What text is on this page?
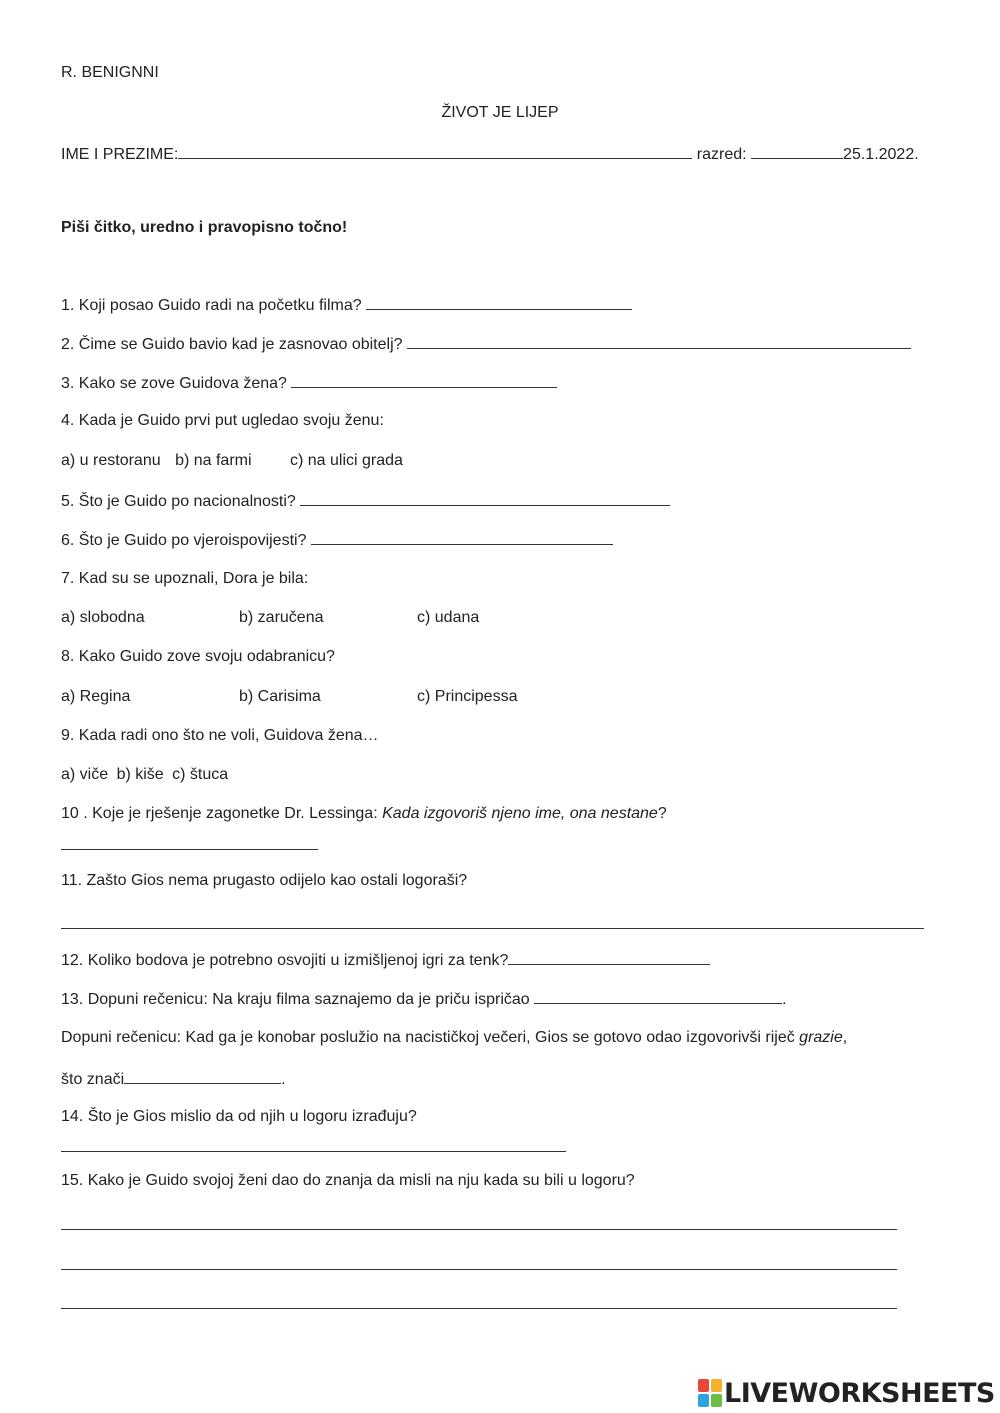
R. BENIGNNI
ŽIVOT JE LIJEP
IME I PREZIME:	razred:	25.1.2022.
Piši čitko, uredno i pravopisno točno!
1. Koji posao Guido radi na početku filma?
2. Čime se Guido bavio kad je zasnovao obitelj?
3. Kako se zove Guidova žena?
4. Kada je Guido prvi put ugledao svoju ženu:
a) u restoranu b) na farmi c) na ulici grada
5. Što je Guido po nacionalnosti?
6. Što je Guido po vjeroispovijesti?
7. Kad su se upoznali, Dora je bila:
a) slobodna	b) zaručena	c) udana
8. Kako Guido zove svoju odabranicu?
a) Regina	b) Carisima	c) Principessa
9. Kada radi ono što ne voli, Guidova žena…
a) viče b) kiše c) štuca
10 . Koje je rješenje zagonetke Dr. Lessinga: Kada izgovoriš njeno ime, ona nestane?
11. Zašto Gios nema prugasto odijelo kao ostali logoraši?
12. Koliko bodova je potrebno osvojiti u izmišljenoj igri za tenk?
13. Dopuni rečenicu: Na kraju filma saznajemo da je priču ispričao	.
Dopuni rečenicu: Kad ga je konobar poslužio na nacističkoj večeri, Gios se gotovo odao izgovorivši riječ grazie,
što znači	.
14. Što je Gios mislio da od njih u logoru izrađuju?
15. Kako je Guido svojoj ženi dao do znanja da misli na nju kada su bili u logoru?
LIVEWORKSHEETS
